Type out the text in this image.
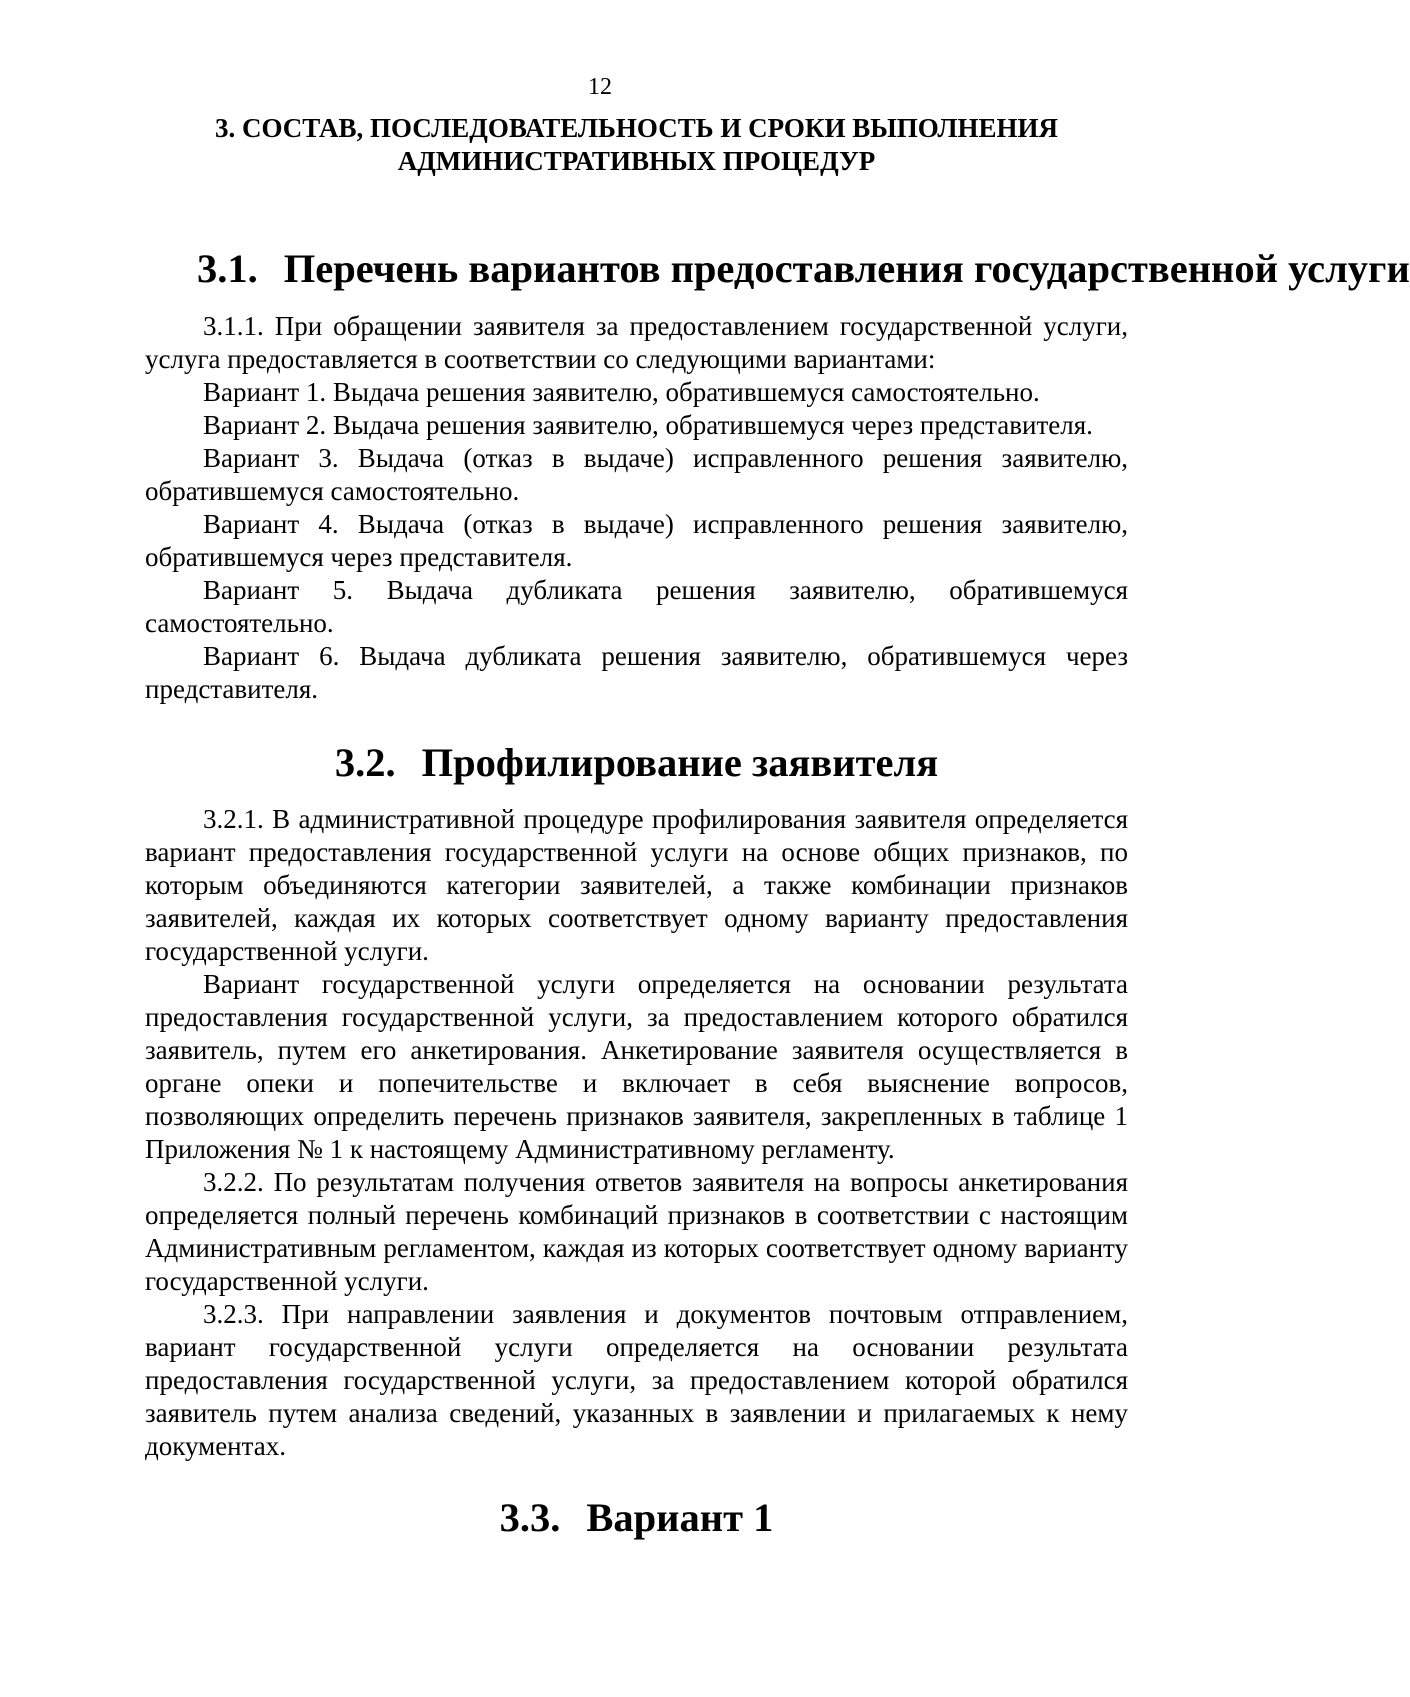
12
3. СОСТАВ, ПОСЛЕДОВАТЕЛЬНОСТЬ И СРОКИ ВЫПОЛНЕНИЯ
АДМИНИСТРАТИВНЫХ ПРОЦЕДУР
3.1. Перечень вариантов предоставления государственной услуги

3.1.1. При обращении заявителя за предоставлением государственной услуги, услуга предоставляется в соответствии со следующими вариантами:

Вариант 1. Выдача решения заявителю, обратившемуся самостоятельно.

Вариант 2. Выдача решения заявителю, обратившемуся через представителя.

Вариант 3. Выдача (отказ в выдаче) исправленного решения заявителю, обратившемуся самостоятельно.

Вариант 4. Выдача (отказ в выдаче) исправленного решения заявителю, обратившемуся через представителя.

Вариант 5. Выдача дубликата решения заявителю, обратившемуся самостоятельно.

Вариант 6. Выдача дубликата решения заявителю, обратившемуся через представителя.

3.2. Профилирование заявителя

3.2.1. В административной процедуре профилирования заявителя определяется вариант предоставления государственной услуги на основе общих признаков, по которым объединяются категории заявителей, а также комбинации признаков заявителей, каждая их которых соответствует одному варианту предоставления государственной услуги.

Вариант государственной услуги определяется на основании результата предоставления государственной услуги, за предоставлением которого обратился заявитель, путем его анкетирования. Анкетирование заявителя осуществляется в органе опеки и попечительстве и включает в себя выяснение вопросов, позволяющих определить перечень признаков заявителя, закрепленных в таблице 1 Приложения № 1 к настоящему Административному регламенту.

3.2.2. По результатам получения ответов заявителя на вопросы анкетирования определяется полный перечень комбинаций признаков в соответствии с настоящим Административным регламентом, каждая из которых соответствует одному варианту государственной услуги.

3.2.3. При направлении заявления и документов почтовым отправлением, вариант государственной услуги определяется на основании результата предоставления государственной услуги, за предоставлением которой обратился заявитель путем анализа сведений, указанных в заявлении и прилагаемых к нему документах.

3.3. Вариант 1
